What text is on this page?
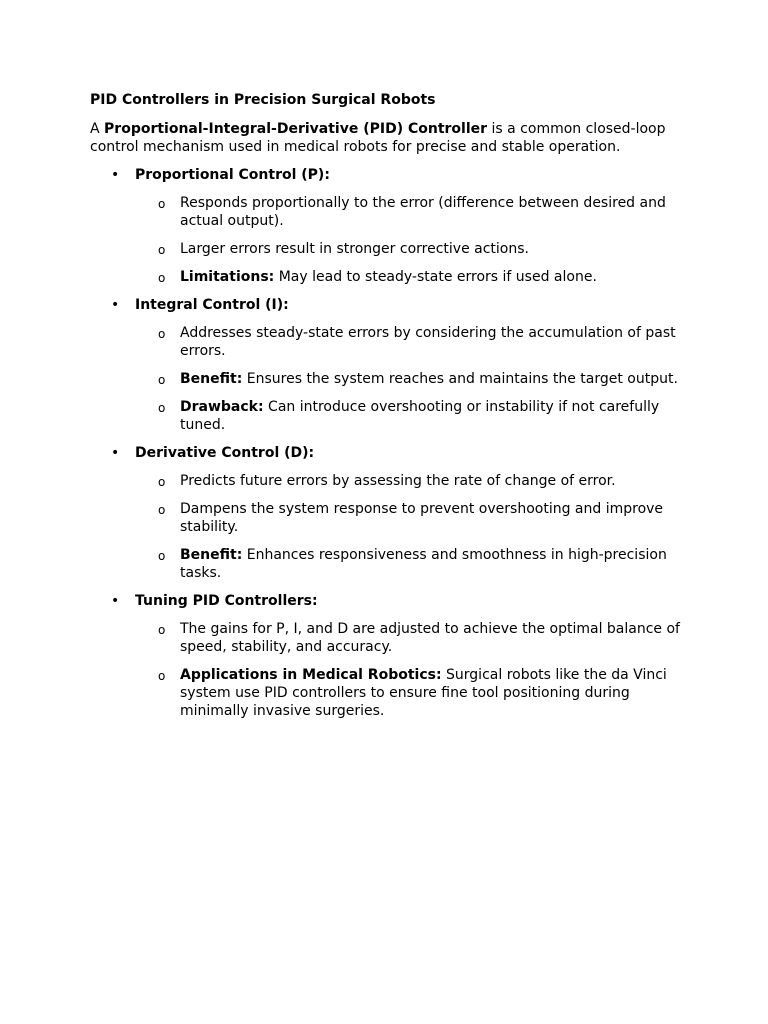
PID Controllers in Precision Surgical Robots

A Proportional-Integral-Derivative (PID) Controller is a common closed-loop control mechanism used in medical robots for precise and stable operation.

• Proportional Control (P):
o Responds proportionally to the error (difference between desired and actual output).
o Larger errors result in stronger corrective actions.
o Limitations: May lead to steady-state errors if used alone.
• Integral Control (I):
o Addresses steady-state errors by considering the accumulation of past errors.
o Benefit: Ensures the system reaches and maintains the target output.
o Drawback: Can introduce overshooting or instability if not carefully tuned.
• Derivative Control (D):
o Predicts future errors by assessing the rate of change of error.
o Dampens the system response to prevent overshooting and improve stability.
o Benefit: Enhances responsiveness and smoothness in high-precision tasks.
• Tuning PID Controllers:
o The gains for P, I, and D are adjusted to achieve the optimal balance of speed, stability, and accuracy.
o Applications in Medical Robotics: Surgical robots like the da Vinci system use PID controllers to ensure fine tool positioning during minimally invasive surgeries.
